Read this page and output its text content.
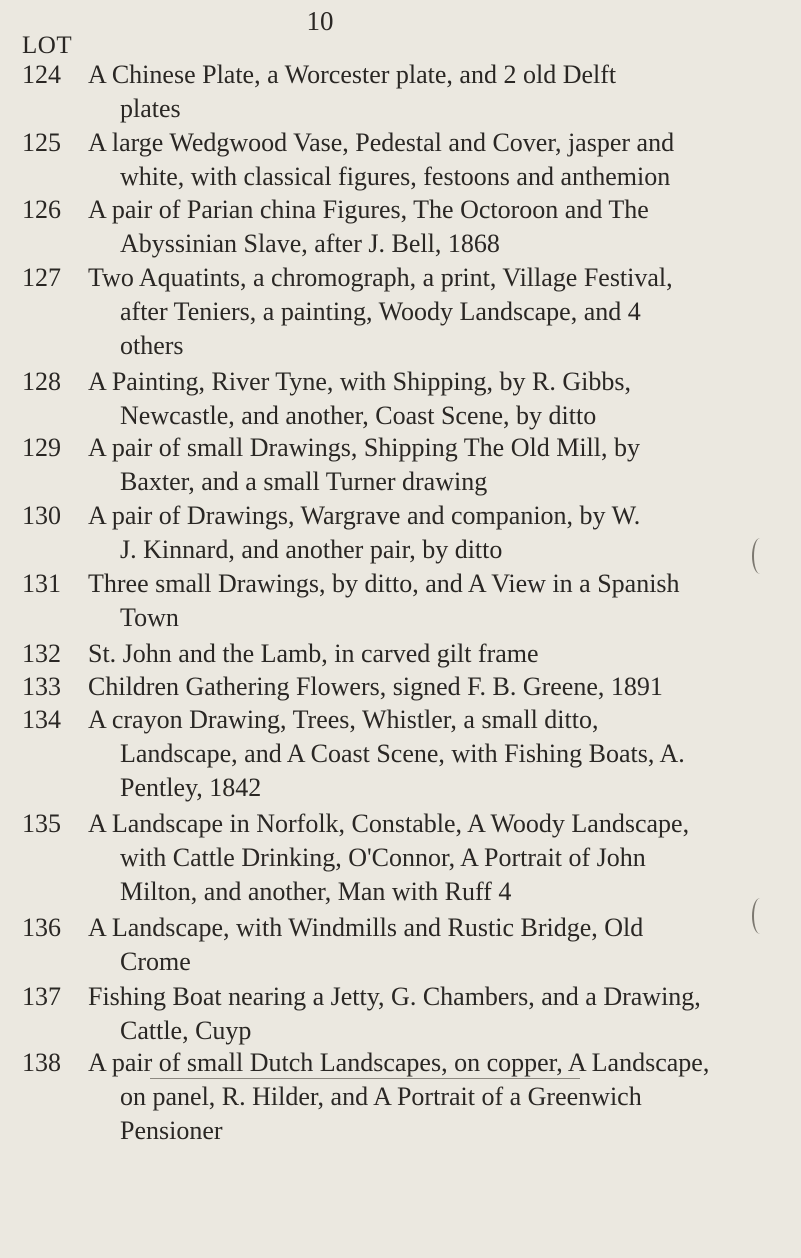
10
LOT
124	A Chinese Plate, a Worcester plate, and 2 old Delft
plates
125	A large Wedgwood Vase, Pedestal and Cover, jasper and
white, with classical figures, festoons and anthemion
126	A pair of Parian china Figures, The Octoroon and The
Abyssinian Slave, after J. Bell, 1868
127	Two Aquatints, a chromograph, a print, Village Festival,
after Teniers, a painting, Woody Landscape, and 4
others
128	A Painting, River Tyne, with Shipping, by R. Gibbs,
Newcastle, and another, Coast Scene, by ditto
129	A pair of small Drawings, Shipping The Old Mill, by
Baxter, and a small Turner drawing
130	A pair of Drawings, Wargrave and companion, by W.
J. Kinnard, and another pair, by ditto
131	Three small Drawings, by ditto, and A View in a Spanish
Town
132	St. John and the Lamb, in carved gilt frame
133	Children Gathering Flowers, signed F. B. Greene, 1891
134	A crayon Drawing, Trees, Whistler, a small ditto,
Landscape, and A Coast Scene, with Fishing Boats, A.
Pentley, 1842
135	A Landscape in Norfolk, Constable, A Woody Landscape,
with Cattle Drinking, O'Connor, A Portrait of John
Milton, and another, Man with Ruff 4
136	A Landscape, with Windmills and Rustic Bridge, Old
Crome
137	Fishing Boat nearing a Jetty, G. Chambers, and a Drawing,
Cattle, Cuyp
138	A pair of small Dutch Landscapes, on copper, A Landscape,
on panel, R. Hilder, and A Portrait of a Greenwich
Pensioner
